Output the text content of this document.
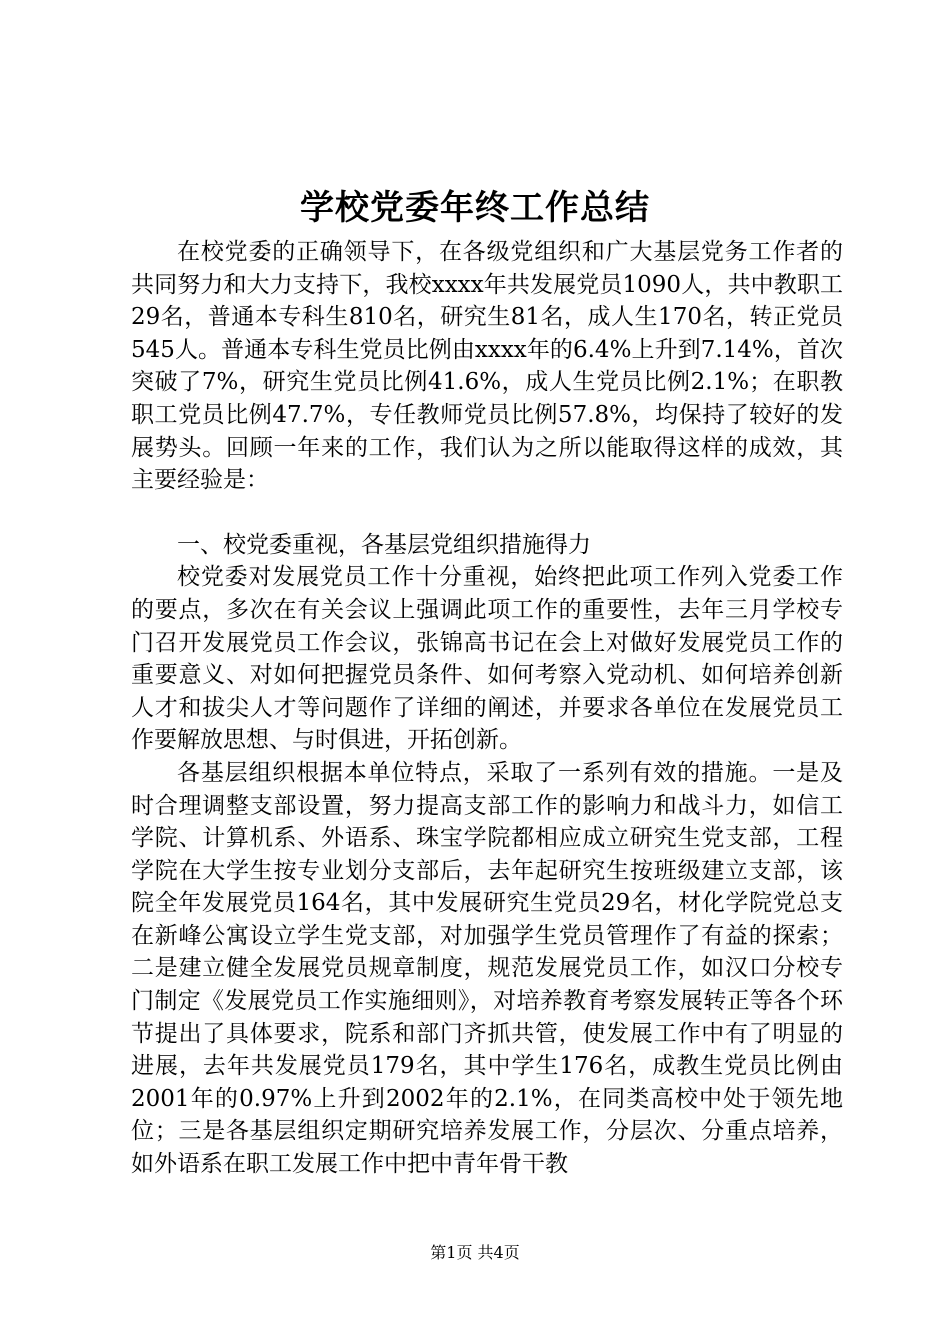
学校党委年终工作总结

在校党委的正确领导下，在各级党组织和广大基层党务工作者的共同努力和大力支持下，我校xxxx年共发展党员1090人，共中教职工29名，普通本专科生810名，研究生81名，成人生170名，转正党员545人。普通本专科生党员比例由xxxx年的6.4%上升到7.14%，首次突破了7%，研究生党员比例41.6%，成人生党员比例2.1%；在职教职工党员比例47.7%，专任教师党员比例57.8%，均保持了较好的发展势头。回顾一年来的工作，我们认为之所以能取得这样的成效，其主要经验是：

一、校党委重视，各基层党组织措施得力

校党委对发展党员工作十分重视，始终把此项工作列入党委工作的要点，多次在有关会议上强调此项工作的重要性，去年三月学校专门召开发展党员工作会议，张锦高书记在会上对做好发展党员工作的重要意义、对如何把握党员条件、如何考察入党动机、如何培养创新人才和拔尖人才等问题作了详细的阐述，并要求各单位在发展党员工作要解放思想、与时俱进，开拓创新。

各基层组织根据本单位特点，采取了一系列有效的措施。一是及时合理调整支部设置，努力提高支部工作的影响力和战斗力，如信工学院、计算机系、外语系、珠宝学院都相应成立研究生党支部，工程学院在大学生按专业划分支部后，去年起研究生按班级建立支部，该院全年发展党员164名，其中发展研究生党员29名，材化学院党总支在新峰公寓设立学生党支部，对加强学生党员管理作了有益的探索；二是建立健全发展党员规章制度，规范发展党员工作，如汉口分校专门制定《发展党员工作实施细则》，对培养教育考察发展转正等各个环节提出了具体要求，院系和部门齐抓共管，使发展工作中有了明显的进展，去年共发展党员179名，其中学生176名，成教生党员比例由2001年的0.97%上升到2002年的2.1%，在同类高校中处于领先地位；三是各基层组织定期研究培养发展工作，分层次、分重点培养，如外语系在职工发展工作中把中青年骨干教

第1页 共4页
